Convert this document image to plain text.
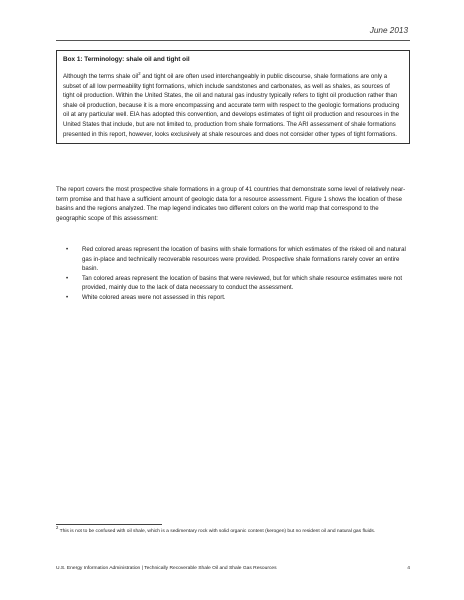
June 2013

Box 1: Terminology: shale oil and tight oil

Although the terms shale oil$^2$ and tight oil are often used interchangeably in public discourse, shale formations are only a subset of all low permeability tight formations, which include sandstones and carbonates, as well as shales, as sources of tight oil production. Within the United States, the oil and natural gas industry typically refers to tight oil production rather than shale oil production, because it is a more encompassing and accurate term with respect to the geologic formations producing oil at any particular well. EIA has adopted this convention, and develops estimates of tight oil production and resources in the United States that include, but are not limited to, production from shale formations. The ARI assessment of shale formations presented in this report, however, looks exclusively at shale resources and does not consider other types of tight formations.

The report covers the most prospective shale formations in a group of 41 countries that demonstrate some level of relatively near-term promise and that have a sufficient amount of geologic data for a resource assessment. Figure 1 shows the location of these basins and the regions analyzed. The map legend indicates two different colors on the world map that correspond to the geographic scope of this assessment:

• Red colored areas represent the location of basins with shale formations for which estimates of the risked oil and natural gas in-place and technically recoverable resources were provided. Prospective shale formations rarely cover an entire basin.
• Tan colored areas represent the location of basins that were reviewed, but for which shale resource estimates were not provided, mainly due to the lack of data necessary to conduct the assessment.
• White colored areas were not assessed in this report.

$^2$ This is not to be confused with oil shale, which is a sedimentary rock with solid organic content (kerogen) but no resident oil and natural gas fluids.

U.S. Energy Information Administration | Technically Recoverable Shale Oil and Shale Gas Resources	4
